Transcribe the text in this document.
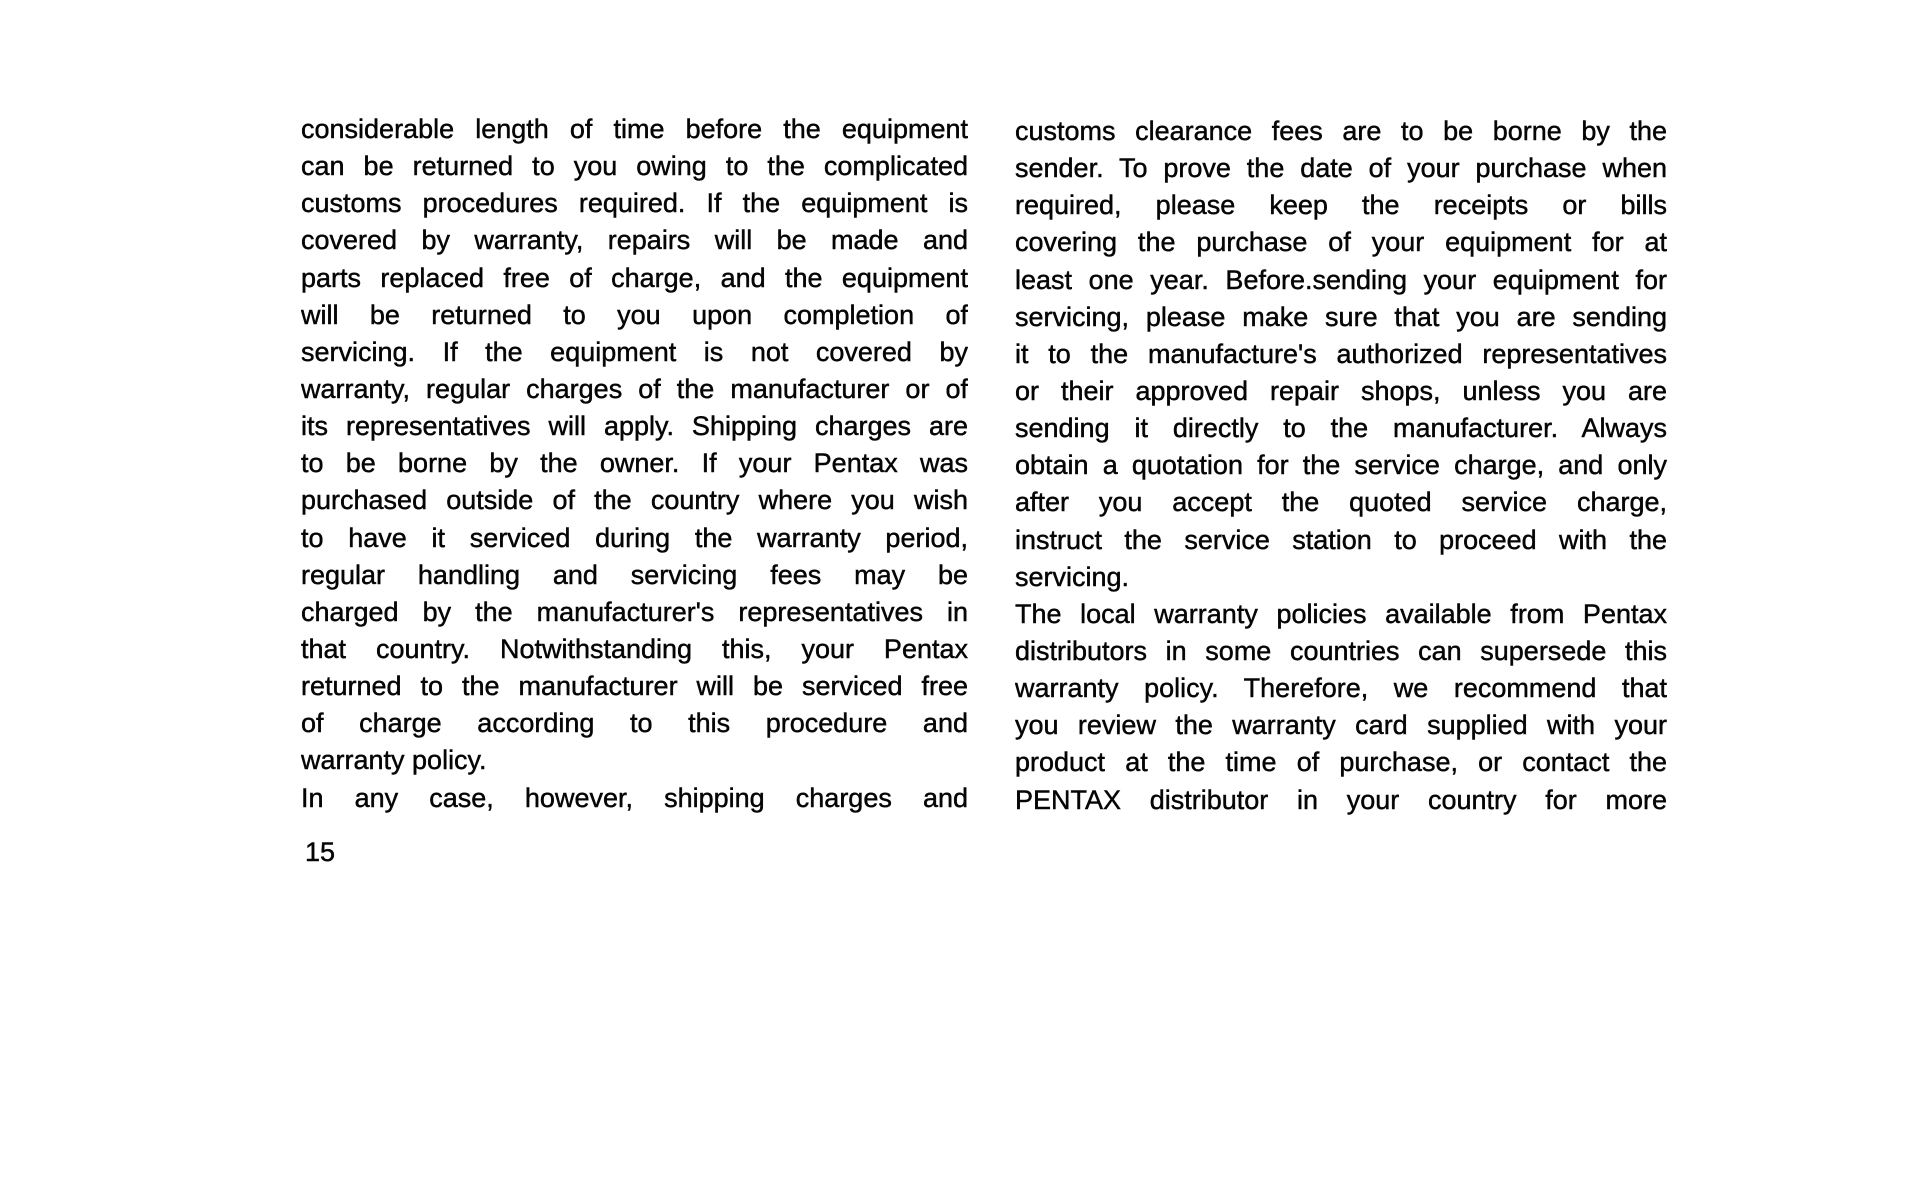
considerable length of time before the equipment
can be returned to you owing to the complicated
customs procedures required. If the equipment is
covered by warranty, repairs will be made and
parts replaced free of charge, and the equipment
will be returned to you upon completion of
servicing. If the equipment is not covered by
warranty, regular charges of the manufacturer or of
its representatives will apply. Shipping charges are
to be borne by the owner. If your Pentax was
purchased outside of the country where you wish
to have it serviced during the warranty period,
regular handling and servicing fees may be
charged by the manufacturer's representatives in
that country. Notwithstanding this, your Pentax
returned to the manufacturer will be serviced free
of charge according to this procedure and
warranty policy.
In any case, however, shipping charges and
customs clearance fees are to be borne by the
sender. To prove the date of your purchase when
required, please keep the receipts or bills
covering the purchase of your equipment for at
least one year. Before.sending your equipment for
servicing, please make sure that you are sending
it to the manufacture's authorized representatives
or their approved repair shops, unless you are
sending it directly to the manufacturer. Always
obtain a quotation for the service charge, and only
after you accept the quoted service charge,
instruct the service station to proceed with the
servicing.
The local warranty policies available from Pentax
distributors in some countries can supersede this
warranty policy. Therefore, we recommend that
you review the warranty card supplied with your
product at the time of purchase, or contact the
PENTAX distributor in your country for more
15
